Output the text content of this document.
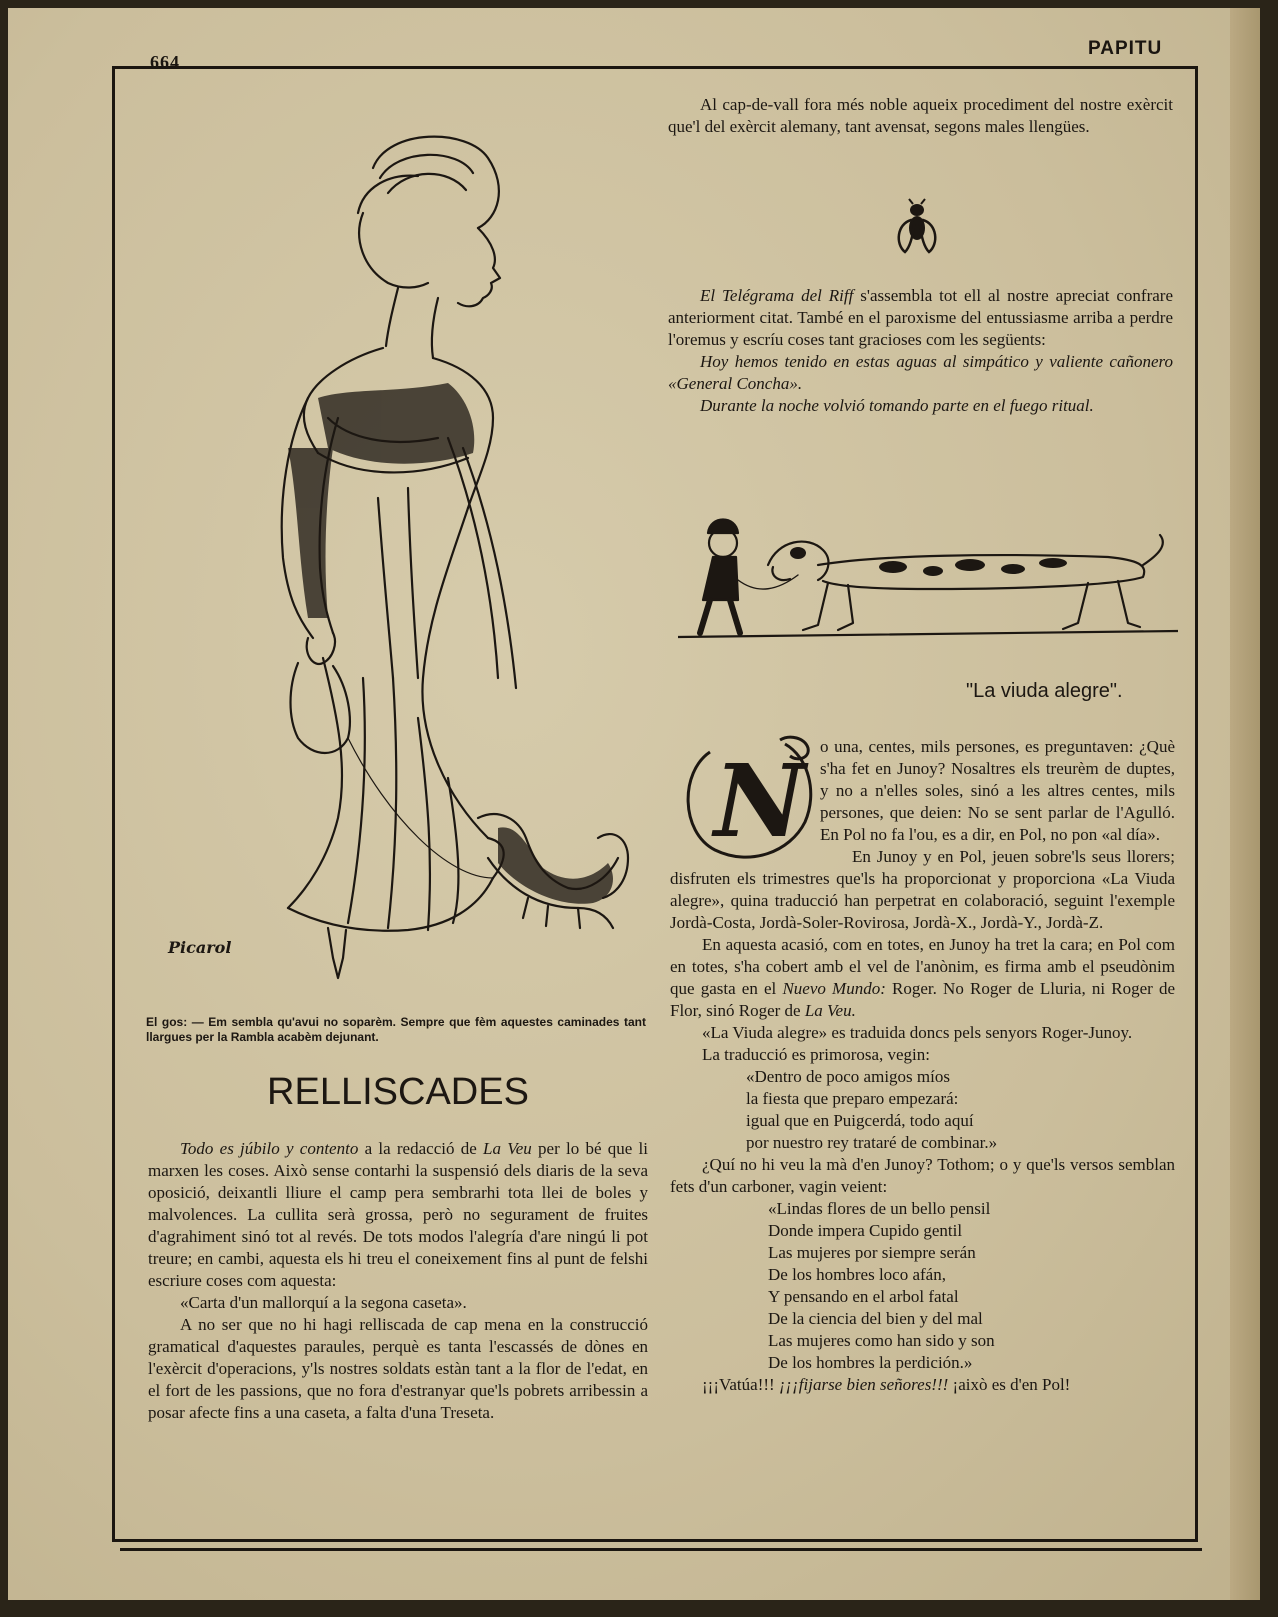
664
PAPITU
Picarol
El gos: — Em sembla qu'avui no soparèm. Sempre que fèm aquestes caminades tant llargues per la Rambla acabèm dejunant.
RELLISCADES

Todo es júbilo y contento a la redacció de La Veu per lo bé que li marxen les coses. Això sense contarhi la suspensió dels diaris de la seva oposició, deixantli lliure el camp pera sembrarhi tota llei de boles y malvolences. La cullita serà grossa, però no segurament de fruites d'agrahiment sinó tot al revés. De tots modos l'alegría d'are ningú li pot treure; en cambi, aquesta els hi treu el coneixement fins al punt de felshi escriure coses com aquesta:

«Carta d'un mallorquí a la segona caseta».

A no ser que no hi hagi relliscada de cap mena en la construcció gramatical d'aquestes paraules, perquè es tanta l'escassés de dònes en l'exèrcit d'operacions, y'ls nostres soldats estàn tant a la flor de l'edat, en el fort de les passions, que no fora d'estranyar que'ls pobrets arribessin a posar afecte fins a una caseta, a falta d'una Treseta.

Al cap-de-vall fora més noble aqueix procediment del nostre exèrcit que'l del exèrcit alemany, tant avensat, segons males llengües.

El Telégrama del Riff s'assembla tot ell al nostre apreciat confrare anteriorment citat. També en el paroxisme del entussiasme arriba a perdre l'oremus y escríu coses tant gracioses com les següents:

Hoy hemos tenido en estas aguas al simpático y valiente cañonero «General Concha».

Durante la noche volvió tomando parte en el fuego ritual.

"La viuda alegre".
N o una, centes, mils persones, es preguntaven: ¿Què s'ha fet en Junoy? Nosaltres els treurèm de duptes, y no a n'elles soles, sinó a les altres centes, mils persones, que deien: No se sent parlar de l'Agulló. En Pol no fa l'ou, es a dir, en Pol, no pon «al día».

En Junoy y en Pol, jeuen sobre'ls seus llorers; disfruten els trimestres que'ls ha proporcionat y proporciona «La Viuda alegre», quina traducció han perpetrat en colaboració, seguint l'exemple Jordà-Costa, Jordà-Soler-Rovirosa, Jordà-X., Jordà-Y., Jordà-Z.

En aquesta acasió, com en totes, en Junoy ha tret la cara; en Pol com en totes, s'ha cobert amb el vel de l'anònim, es firma amb el pseudònim que gasta en el Nuevo Mundo: Roger. No Roger de Lluria, ni Roger de Flor, sinó Roger de La Veu.

«La Viuda alegre» es traduida doncs pels senyors Roger-Junoy.

La traducció es primorosa, vegin:

«Dentro de poco amigos míos

la fiesta que preparo empezará:

igual que en Puigcerdá, todo aquí

por nuestro rey trataré de combinar.»

¿Quí no hi veu la mà d'en Junoy? Tothom; o y que'ls versos semblan fets d'un carboner, vagin veient:

«Lindas flores de un bello pensil

Donde impera Cupido gentil

Las mujeres por siempre serán

De los hombres loco afán,

Y pensando en el arbol fatal

De la ciencia del bien y del mal

Las mujeres como han sido y son

De los hombres la perdición.»

¡¡¡Vatúa!!! ¡¡¡fijarse bien señores!!! ¡això es d'en Pol!
